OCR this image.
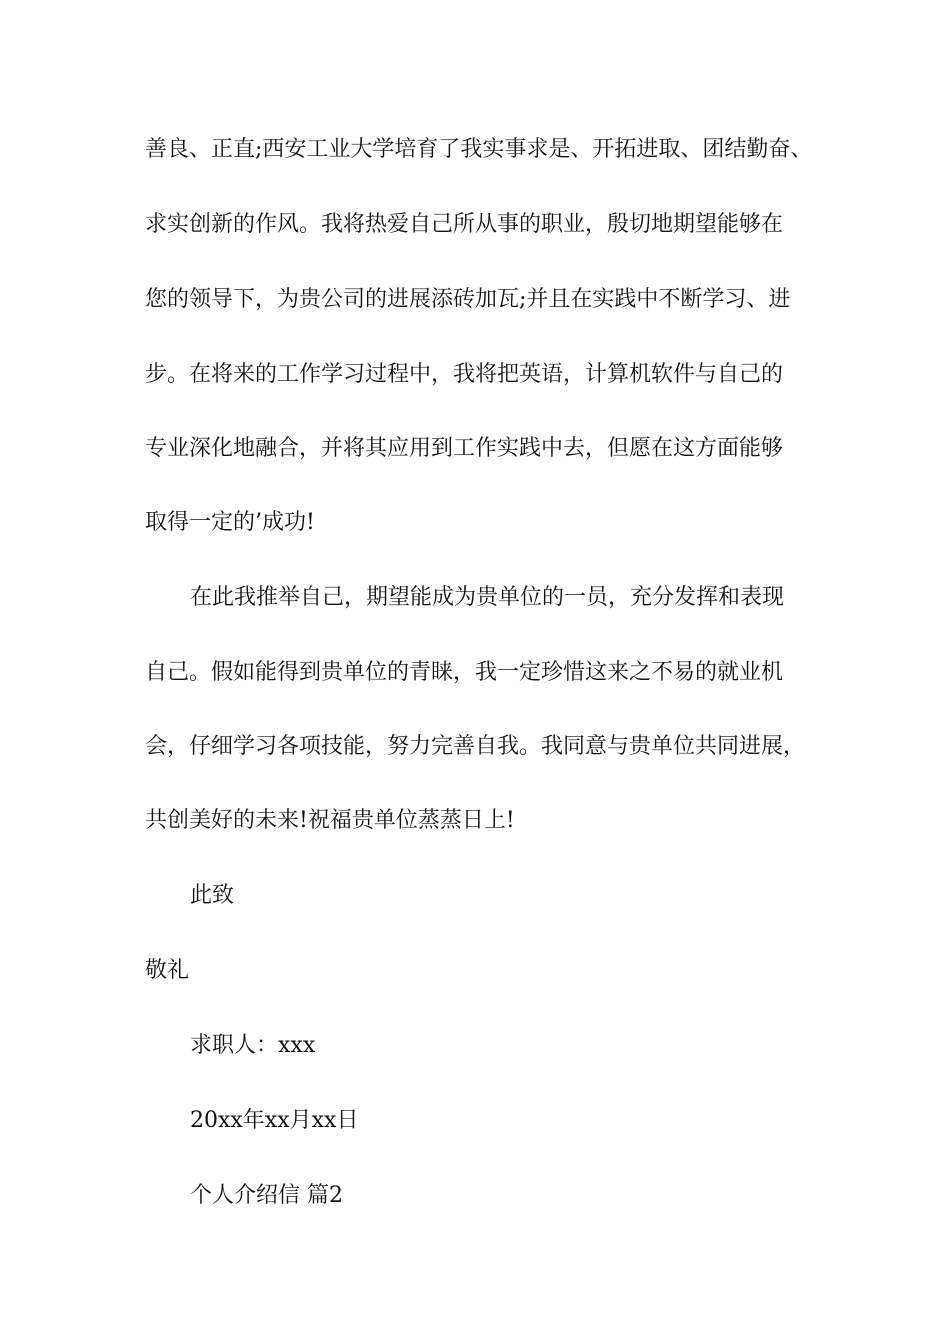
善良、正直;西安工业大学培育了我实事求是、开拓进取、团结勤奋、
求实创新的作风。我将热爱自己所从事的职业，殷切地期望能够在
您的领导下，为贵公司的进展添砖加瓦;并且在实践中不断学习、进
步。在将来的工作学习过程中，我将把英语，计算机软件与自己的
专业深化地融合，并将其应用到工作实践中去，但愿在这方面能够
取得一定的’成功!
在此我推举自己，期望能成为贵单位的一员，充分发挥和表现
自己。假如能得到贵单位的青睐，我一定珍惜这来之不易的就业机
会，仔细学习各项技能，努力完善自我。我同意与贵单位共同进展，
共创美好的未来!祝福贵单位蒸蒸日上!
此致
敬礼
求职人：xxx
20xx年xx月xx日
个人介绍信 篇2
